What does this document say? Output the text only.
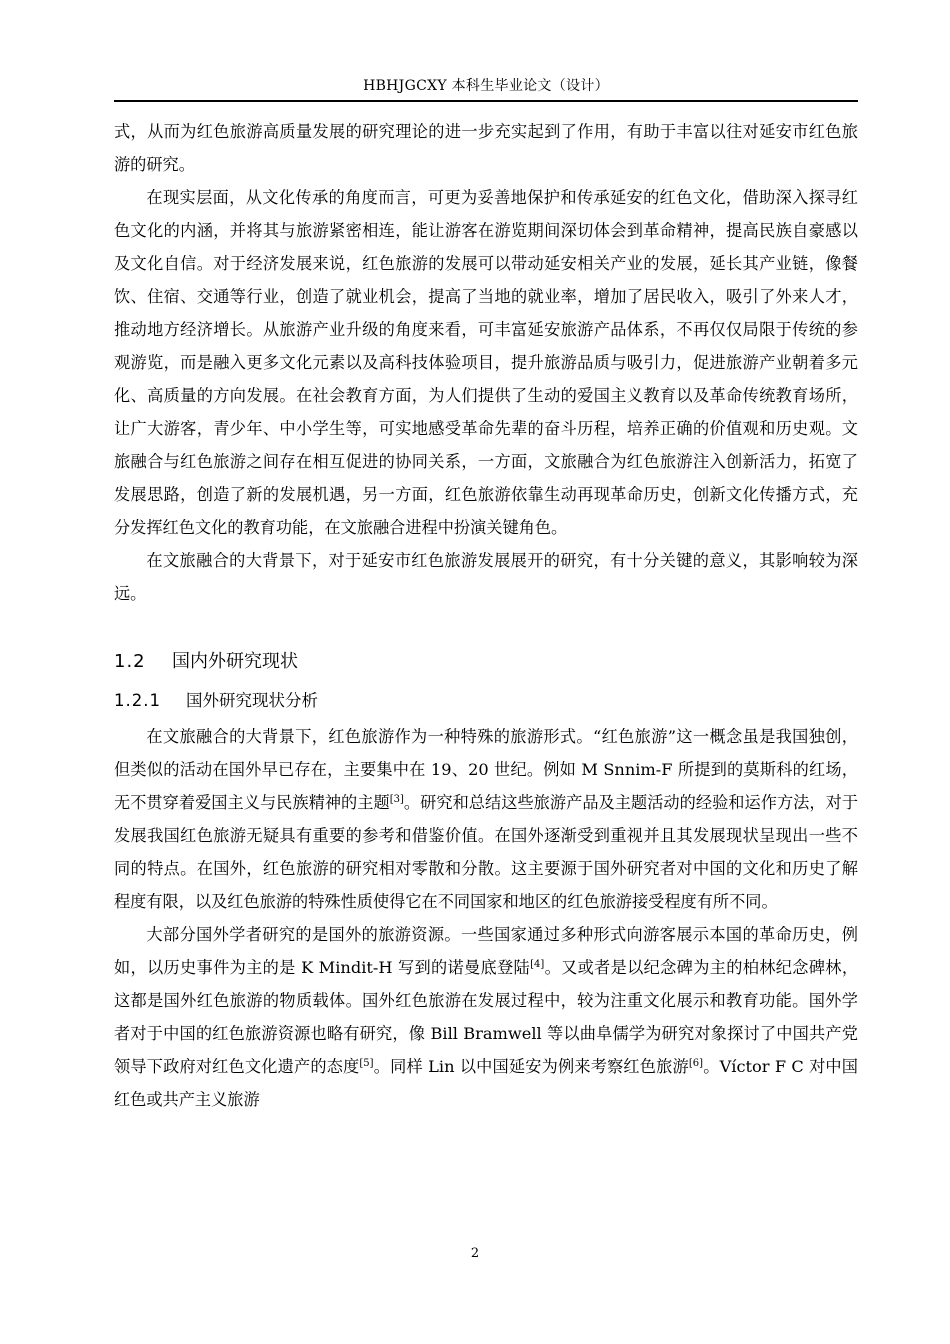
HBHJGCXY 本科生毕业论文（设计）

式，从而为红色旅游高质量发展的研究理论的进一步充实起到了作用，有助于丰富以往对延安市红色旅游的研究。

在现实层面，从文化传承的角度而言，可更为妥善地保护和传承延安的红色文化，借助深入探寻红色文化的内涵，并将其与旅游紧密相连，能让游客在游览期间深切体会到革命精神，提高民族自豪感以及文化自信。对于经济发展来说，红色旅游的发展可以带动延安相关产业的发展，延长其产业链，像餐饮、住宿、交通等行业，创造了就业机会，提高了当地的就业率，增加了居民收入，吸引了外来人才，推动地方经济增长。从旅游产业升级的角度来看，可丰富延安旅游产品体系，不再仅仅局限于传统的参观游览，而是融入更多文化元素以及高科技体验项目，提升旅游品质与吸引力，促进旅游产业朝着多元化、高质量的方向发展。在社会教育方面，为人们提供了生动的爱国主义教育以及革命传统教育场所，让广大游客，青少年、中小学生等，可实地感受革命先辈的奋斗历程，培养正确的价值观和历史观。文旅融合与红色旅游之间存在相互促进的协同关系，一方面，文旅融合为红色旅游注入创新活力，拓宽了发展思路，创造了新的发展机遇，另一方面，红色旅游依靠生动再现革命历史，创新文化传播方式，充分发挥红色文化的教育功能，在文旅融合进程中扮演关键角色。

在文旅融合的大背景下，对于延安市红色旅游发展展开的研究，有十分关键的意义，其影响较为深远。

1.2 国内外研究现状
1.2.1 国外研究现状分析

在文旅融合的大背景下，红色旅游作为一种特殊的旅游形式。“红色旅游”这一概念虽是我国独创，但类似的活动在国外早已存在，主要集中在 19、20 世纪。例如 M Snnim-F 所提到的莫斯科的红场，无不贯穿着爱国主义与民族精神的主题[3]。研究和总结这些旅游产品及主题活动的经验和运作方法，对于发展我国红色旅游无疑具有重要的参考和借鉴价值。在国外逐渐受到重视并且其发展现状呈现出一些不同的特点。在国外，红色旅游的研究相对零散和分散。这主要源于国外研究者对中国的文化和历史了解程度有限，以及红色旅游的特殊性质使得它在不同国家和地区的红色旅游接受程度有所不同。

大部分国外学者研究的是国外的旅游资源。一些国家通过多种形式向游客展示本国的革命历史，例如，以历史事件为主的是 K Mindit-H 写到的诺曼底登陆[4]。又或者是以纪念碑为主的柏林纪念碑林，这都是国外红色旅游的物质载体。国外红色旅游在发展过程中，较为注重文化展示和教育功能。国外学者对于中国的红色旅游资源也略有研究，像 Bill Bramwell 等以曲阜儒学为研究对象探讨了中国共产党领导下政府对红色文化遗产的态度[5]。同样 Lin 以中国延安为例来考察红色旅游[6]。Víctor F C 对中国红色或共产主义旅游

2
